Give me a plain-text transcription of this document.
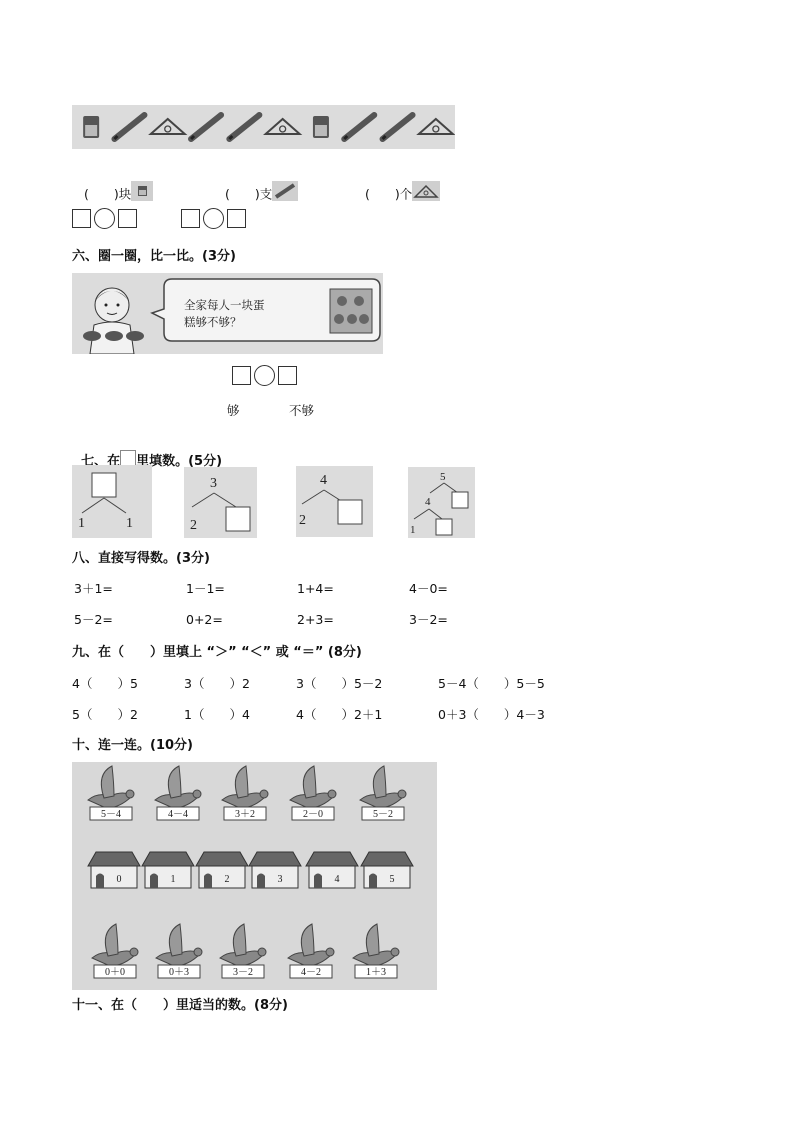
(　　)块	(　　)支	(　　)个

六、圈一圈，比一比。(3分)
全家每人一块蛋
糕够不够？
够	不够

七、在 里填数。(5分)

1	1
3
2
4
2
5
4
1
八、直接写得数。(3分)
3＋1=	1－1=	1+4=	4－0=
5－2=	0+2=	2+3=	3－2=
九、在（　　）里填上 “＞” “＜” 或 “＝” (8分)
4（　　）5	3（　　）2	3（　　）5－2	5－4（　　）5－5
5（　　）2	1（　　）4	4（　　）2＋1	0＋3（　　）4－3
十、连一连。(10分)
5－4	4－4	3＋2	2－0	5－2
0	1	2	3	4	5
0＋0	0＋3	3－2	4－2	1＋3
十一、在（　　）里适当的数。(8分)
